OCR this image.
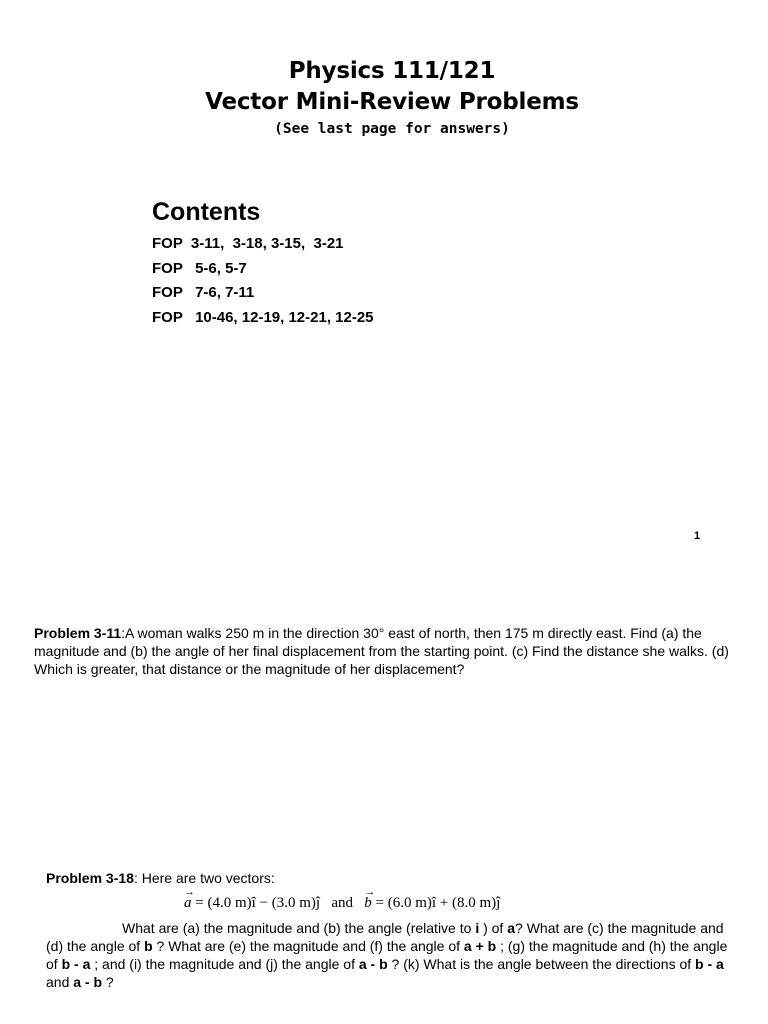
Physics 111/121
Vector Mini-Review Problems
(See last page for answers)
Contents
FOP  3-11,  3-18, 3-15,  3-21
FOP   5-6, 5-7
FOP   7-6, 7-11
FOP   10-46, 12-19, 12-21, 12-25
1
Problem 3-11:A woman walks 250 m in the direction 30° east of north, then 175 m directly east. Find (a) the magnitude and (b) the angle of her final displacement from the starting point. (c) Find the distance she walks. (d) Which is greater, that distance or the magnitude of her displacement?
Problem 3-18: Here are two vectors:
→ a = (4.0 m)î − (3.0 m)ĵ   and   → b = (6.0 m)î + (8.0 m)ĵ
What are (a) the magnitude and (b) the angle (relative to i ) of a? What are (c) the magnitude and (d) the angle of b ? What are (e) the magnitude and (f) the angle of a + b ; (g) the magnitude and (h) the angle of b - a ; and (i) the magnitude and (j) the angle of a - b ? (k) What is the angle between the directions of b - a and a - b ?
